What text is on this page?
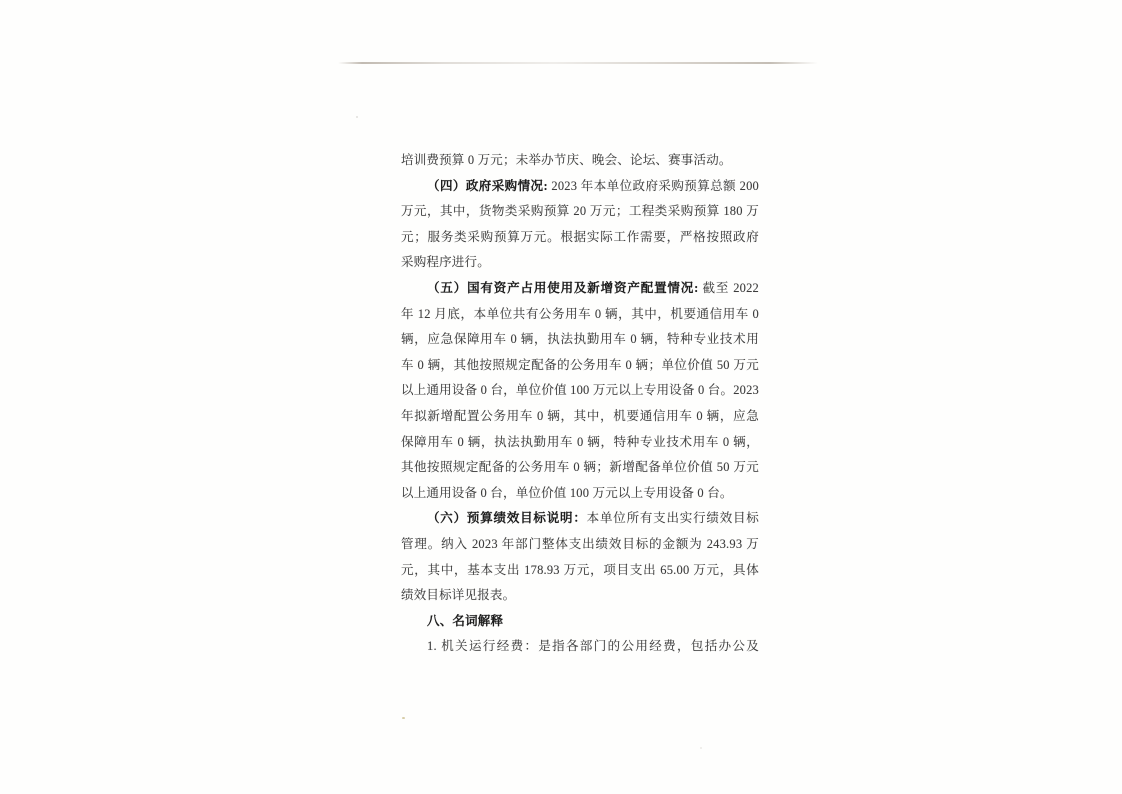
培训费预算 0 万元；未举办节庆、晚会、论坛、赛事活动。
（四）政府采购情况: 2023 年本单位政府采购预算总额 200
万元，其中，货物类采购预算 20 万元；工程类采购预算 180 万
元；服务类采购预算万元。根据实际工作需要，严格按照政府
采购程序进行。
（五）国有资产占用使用及新增资产配置情况: 截至 2022
年 12 月底，本单位共有公务用车 0 辆，其中，机要通信用车 0
辆，应急保障用车 0 辆，执法执勤用车 0 辆，特种专业技术用
车 0 辆，其他按照规定配备的公务用车 0 辆；单位价值 50 万元
以上通用设备 0 台，单位价值 100 万元以上专用设备 0 台。2023
年拟新增配置公务用车 0 辆，其中，机要通信用车 0 辆，应急
保障用车 0 辆，执法执勤用车 0 辆，特种专业技术用车 0 辆，
其他按照规定配备的公务用车 0 辆；新增配备单位价值 50 万元
以上通用设备 0 台，单位价值 100 万元以上专用设备 0 台。
（六）预算绩效目标说明：本单位所有支出实行绩效目标
管理。纳入 2023 年部门整体支出绩效目标的金额为 243.93 万
元，其中，基本支出 178.93 万元，项目支出 65.00 万元，具体
绩效目标详见报表。
八、名词解释
1. 机关运行经费：是指各部门的公用经费，包括办公及
